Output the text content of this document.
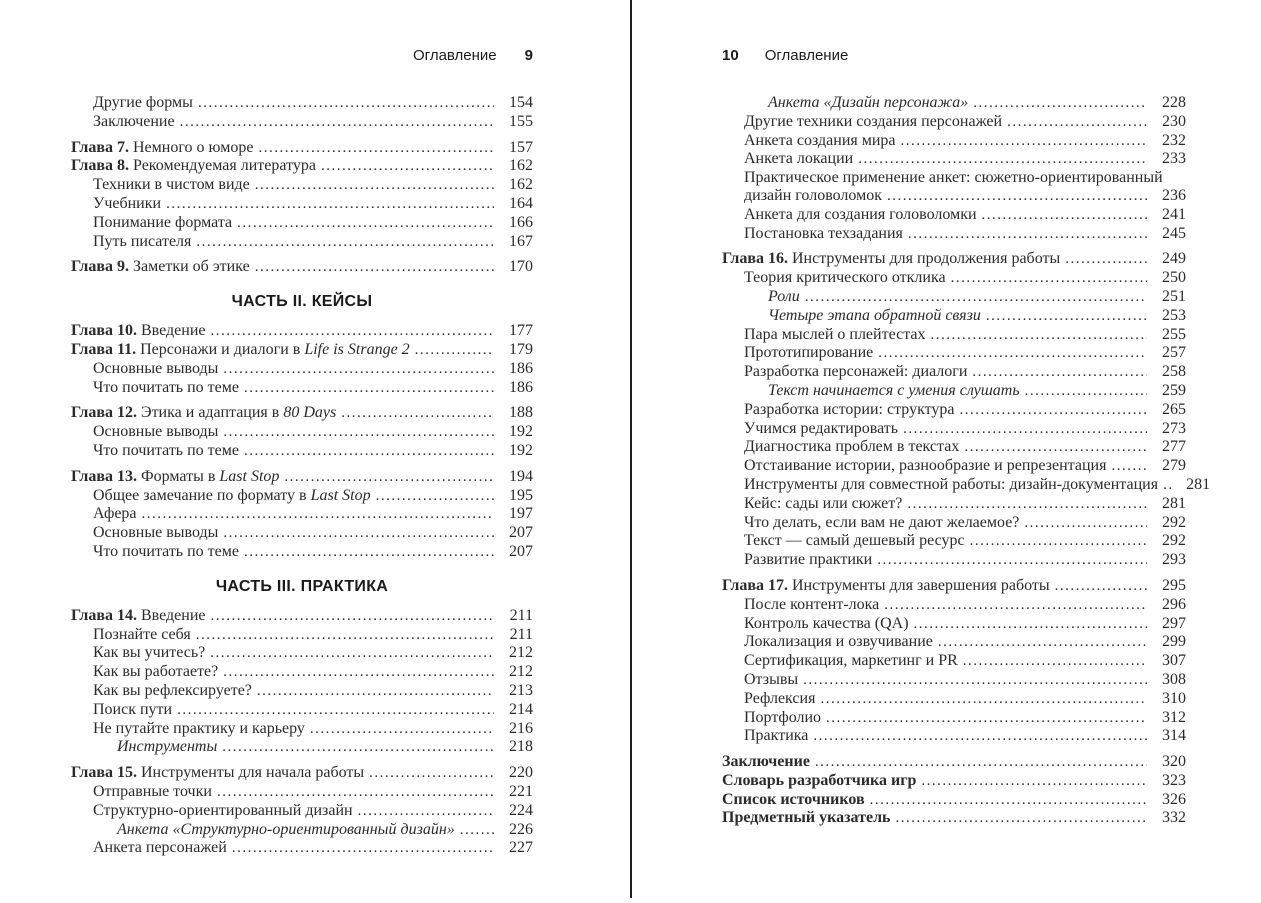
Оглавление 9
Другие формы .....	154
Заключение .....	155
Глава 7. Немного о юморе .....	157
Глава 8. Рекомендуемая литература .....	162
Техники в чистом виде .....	162
Учебники .....	164
Понимание формата .....	166
Путь писателя .....	167
Глава 9. Заметки об этике .....	170
ЧАСТЬ II. КЕЙСЫ
Глава 10. Введение .....	177
Глава 11. Персонажи и диалоги в Life is Strange 2 .....	179
Основные выводы .....	186
Что почитать по теме .....	186
Глава 12. Этика и адаптация в 80 Days .....	188
Основные выводы .....	192
Что почитать по теме .....	192
Глава 13. Форматы в Last Stop .....	194
Общее замечание по формату в Last Stop .....	195
Афера .....	197
Основные выводы .....	207
Что почитать по теме .....	207
ЧАСТЬ III. ПРАКТИКА
Глава 14. Введение .....	211
Познайте себя .....	211
Как вы учитесь? .....	212
Как вы работаете? .....	212
Как вы рефлексируете? .....	213
Поиск пути .....	214
Не путайте практику и карьеру .....	216
Инструменты .....	218
Глава 15. Инструменты для начала работы .....	220
Отправные точки .....	221
Структурно-ориентированный дизайн .....	224
Анкета «Структурно-ориентированный дизайн» .....	226
Анкета персонажей .....	227
10 Оглавление
Анкета «Дизайн персонажа» .....	228
Другие техники создания персонажей .....	230
Анкета создания мира .....	232
Анкета локации .....	233
Практическое применение анкет: сюжетно-ориентированный
дизайн головоломок .....	236
Анкета для создания головоломки .....	241
Постановка техзадания .....	245
Глава 16. Инструменты для продолжения работы .....	249
Теория критического отклика .....	250
Роли .....	251
Четыре этапа обратной связи .....	253
Пара мыслей о плейтестах .....	255
Прототипирование .....	257
Разработка персонажей: диалоги .....	258
Текст начинается с умения слушать .....	259
Разработка истории: структура .....	265
Учимся редактировать .....	273
Диагностика проблем в текстах .....	277
Отстаивание истории, разнообразие и репрезентация .....	279
Инструменты для совместной работы: дизайн-документация .....	281
Кейс: сады или сюжет? .....	281
Что делать, если вам не дают желаемое? .....	292
Текст — самый дешевый ресурс .....	292
Развитие практики .....	293
Глава 17. Инструменты для завершения работы .....	295
После контент-лока .....	296
Контроль качества (QA) .....	297
Локализация и озвучивание .....	299
Сертификация, маркетинг и PR .....	307
Отзывы .....	308
Рефлексия .....	310
Портфолио .....	312
Практика .....	314
Заключение .....	320
Словарь разработчика игр .....	323
Список источников .....	326
Предметный указатель .....	332
